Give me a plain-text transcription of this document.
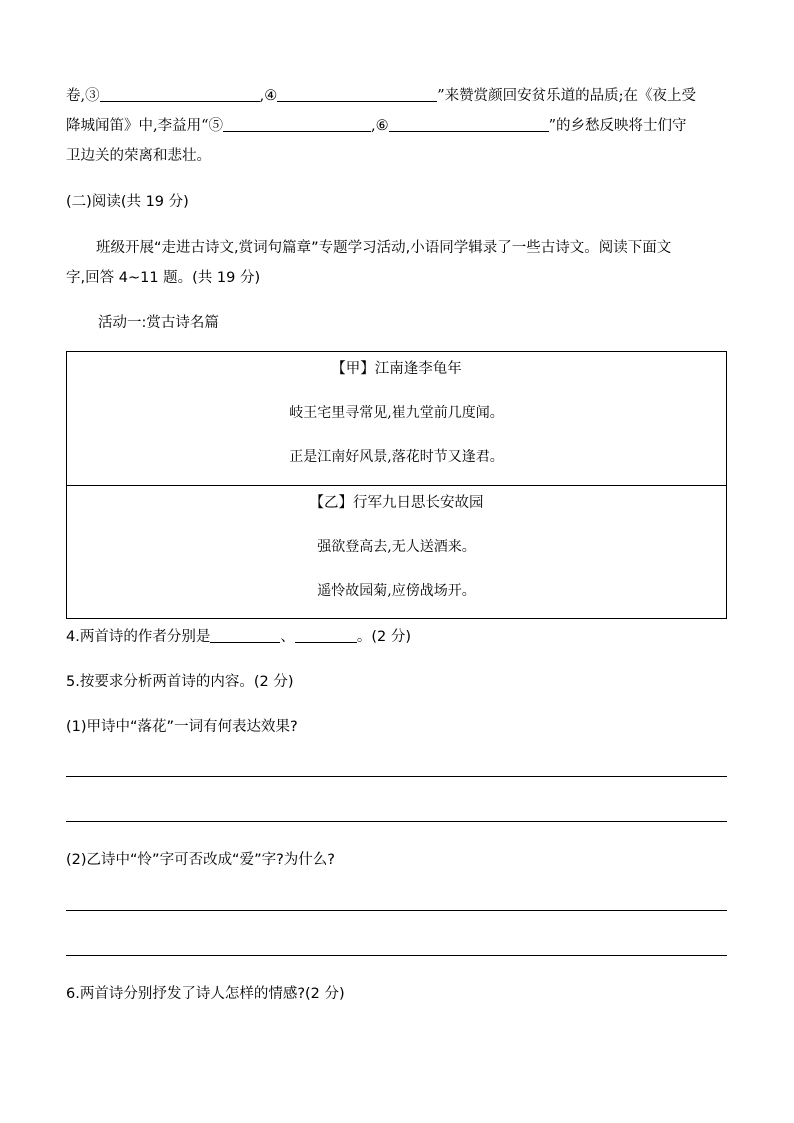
卷,③	,④	”来赞赏颜回安贫乐道的品质;在《夜上受
降城闻笛》中,李益用“⑤	,⑥	”的乡愁反映将士们守
卫边关的荣离和悲壮。
(二)阅读(共 19 分)
班级开展“走进古诗文,赏词句篇章”专题学习活动,小语同学辑录了一些古诗文。阅读下面文
字,回答 4~11 题。(共 19 分)
活动一:赏古诗名篇
【甲】江南逢李龟年
岐王宅里寻常见,崔九堂前几度闻。
正是江南好风景,落花时节又逢君。
【乙】行军九日思长安故园
强欲登高去,无人送酒来。
遥怜故园菊,应傍战场开。
4.两首诗的作者分别是	、	。(2 分)
5.按要求分析两首诗的内容。(2 分)
(1)甲诗中“落花”一词有何表达效果?
(2)乙诗中“怜”字可否改成“爱”字?为什么?
6.两首诗分别抒发了诗人怎样的情感?(2 分)
